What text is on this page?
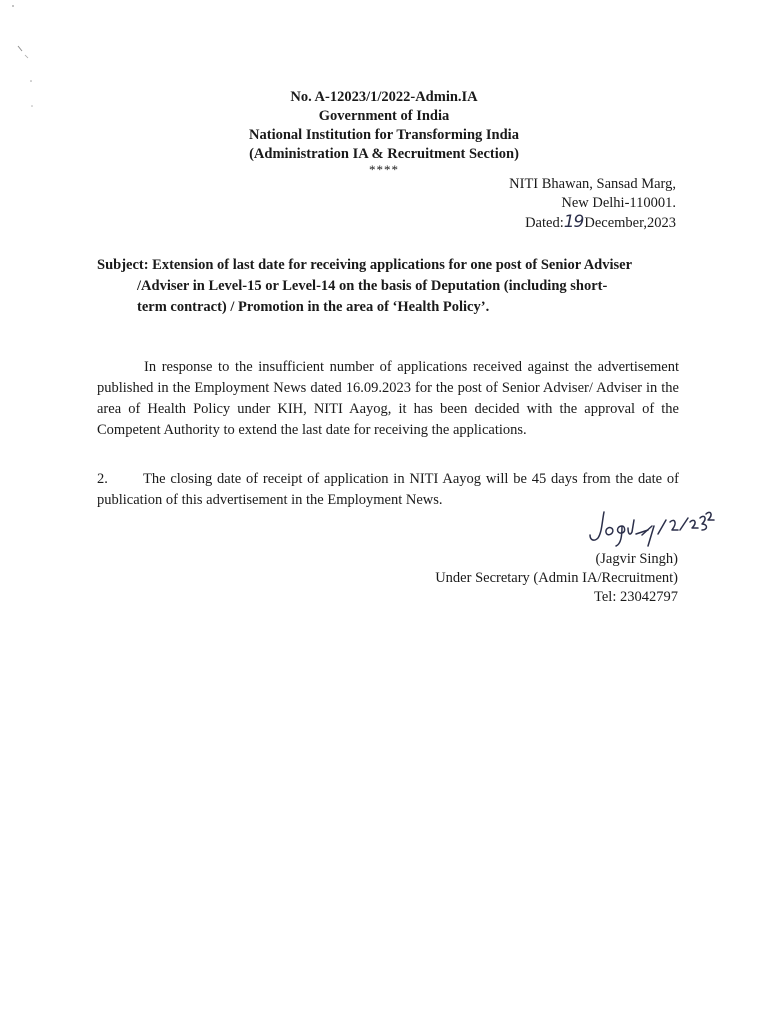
No. A-12023/1/2022-Admin.IA
Government of India
National Institution for Transforming India
(Administration IA & Recruitment Section)
****
NITI Bhawan, Sansad Marg,
New Delhi-110001.
Dated:19December,2023
Subject: Extension of last date for receiving applications for one post of Senior Adviser
/Adviser in Level-15 or Level-14 on the basis of Deputation (including short-
term contract) / Promotion in the area of ‘Health Policy’.
In response to the insufficient number of applications received against the advertisement published in the Employment News dated 16.09.2023 for the post of Senior Adviser/ Adviser in the area of Health Policy under KIH, NITI Aayog, it has been decided with the approval of the Competent Authority to extend the last date for receiving the applications.
2. The closing date of receipt of application in NITI Aayog will be 45 days from the date of publication of this advertisement in the Employment News.
(Jagvir Singh)
Under Secretary (Admin IA/Recruitment)
Tel: 23042797
